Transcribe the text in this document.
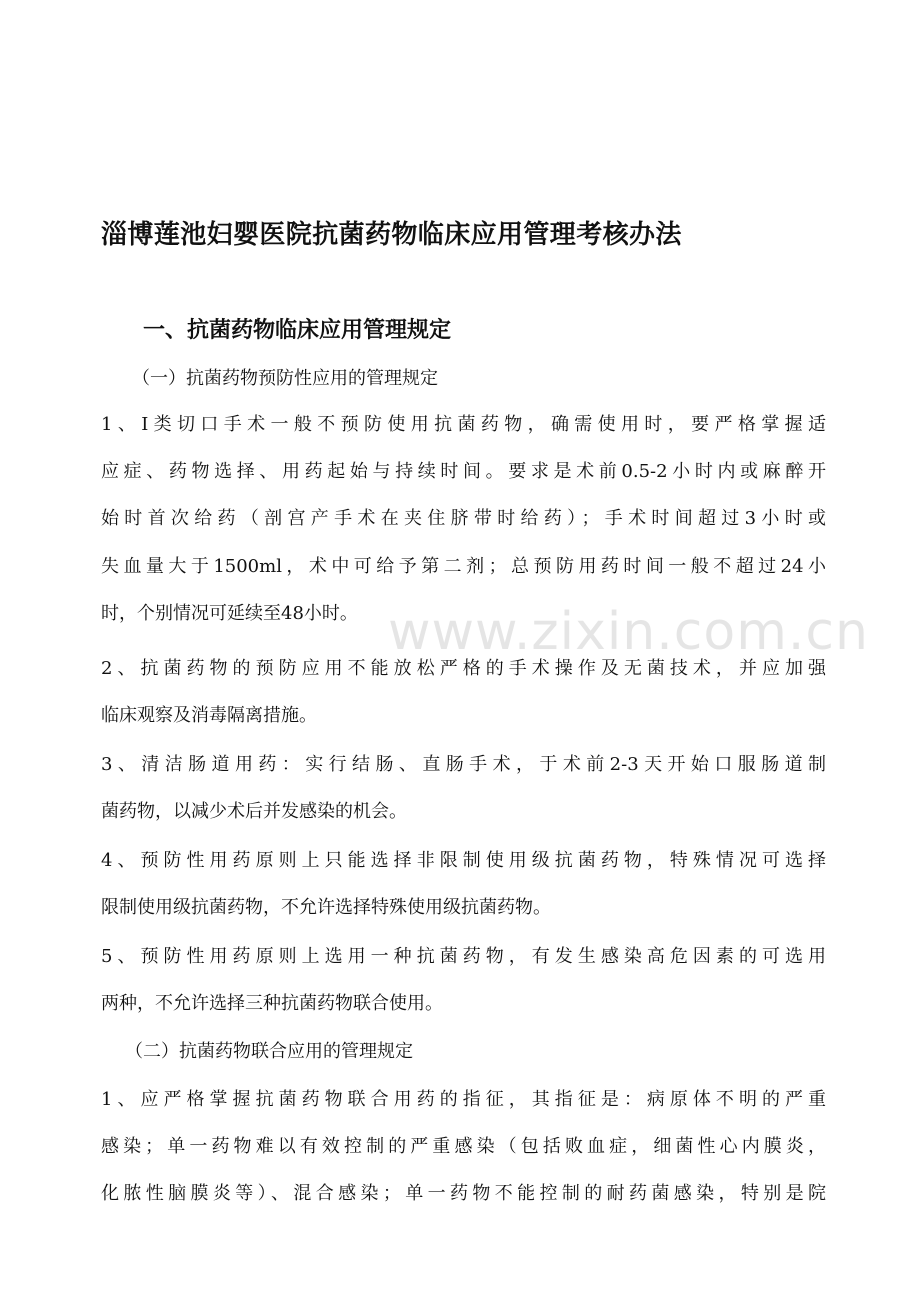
淄博莲池妇婴医院抗菌药物临床应用管理考核办法
一、抗菌药物临床应用管理规定

（一）抗菌药物预防性应用的管理规定

1、Ⅰ类切口手术一般不预防使用抗菌药物，确需使用时，要严格掌握适
应症、药物选择、用药起始与持续时间。要求是术前0.5-2小时内或麻醉开
始时首次给药（剖宫产手术在夹住脐带时给药）；手术时间超过3小时或
失血量大于1500ml，术中可给予第二剂；总预防用药时间一般不超过24小
时，个别情况可延续至48小时。
2、抗菌药物的预防应用不能放松严格的手术操作及无菌技术，并应加强
临床观察及消毒隔离措施。
3、清洁肠道用药：实行结肠、直肠手术，于术前2-3天开始口服肠道制
菌药物，以减少术后并发感染的机会。
4、预防性用药原则上只能选择非限制使用级抗菌药物，特殊情况可选择
限制使用级抗菌药物，不允许选择特殊使用级抗菌药物。
5、预防性用药原则上选用一种抗菌药物，有发生感染高危因素的可选用
两种，不允许选择三种抗菌药物联合使用。

（二）抗菌药物联合应用的管理规定

1、应严格掌握抗菌药物联合用药的指征，其指征是：病原体不明的严重
感染；单一药物难以有效控制的严重感染（包括败血症，细菌性心内膜炎，
化脓性脑膜炎等）、混合感染；单一药物不能控制的耐药菌感染，特别是院
www.zixin.com.cn
